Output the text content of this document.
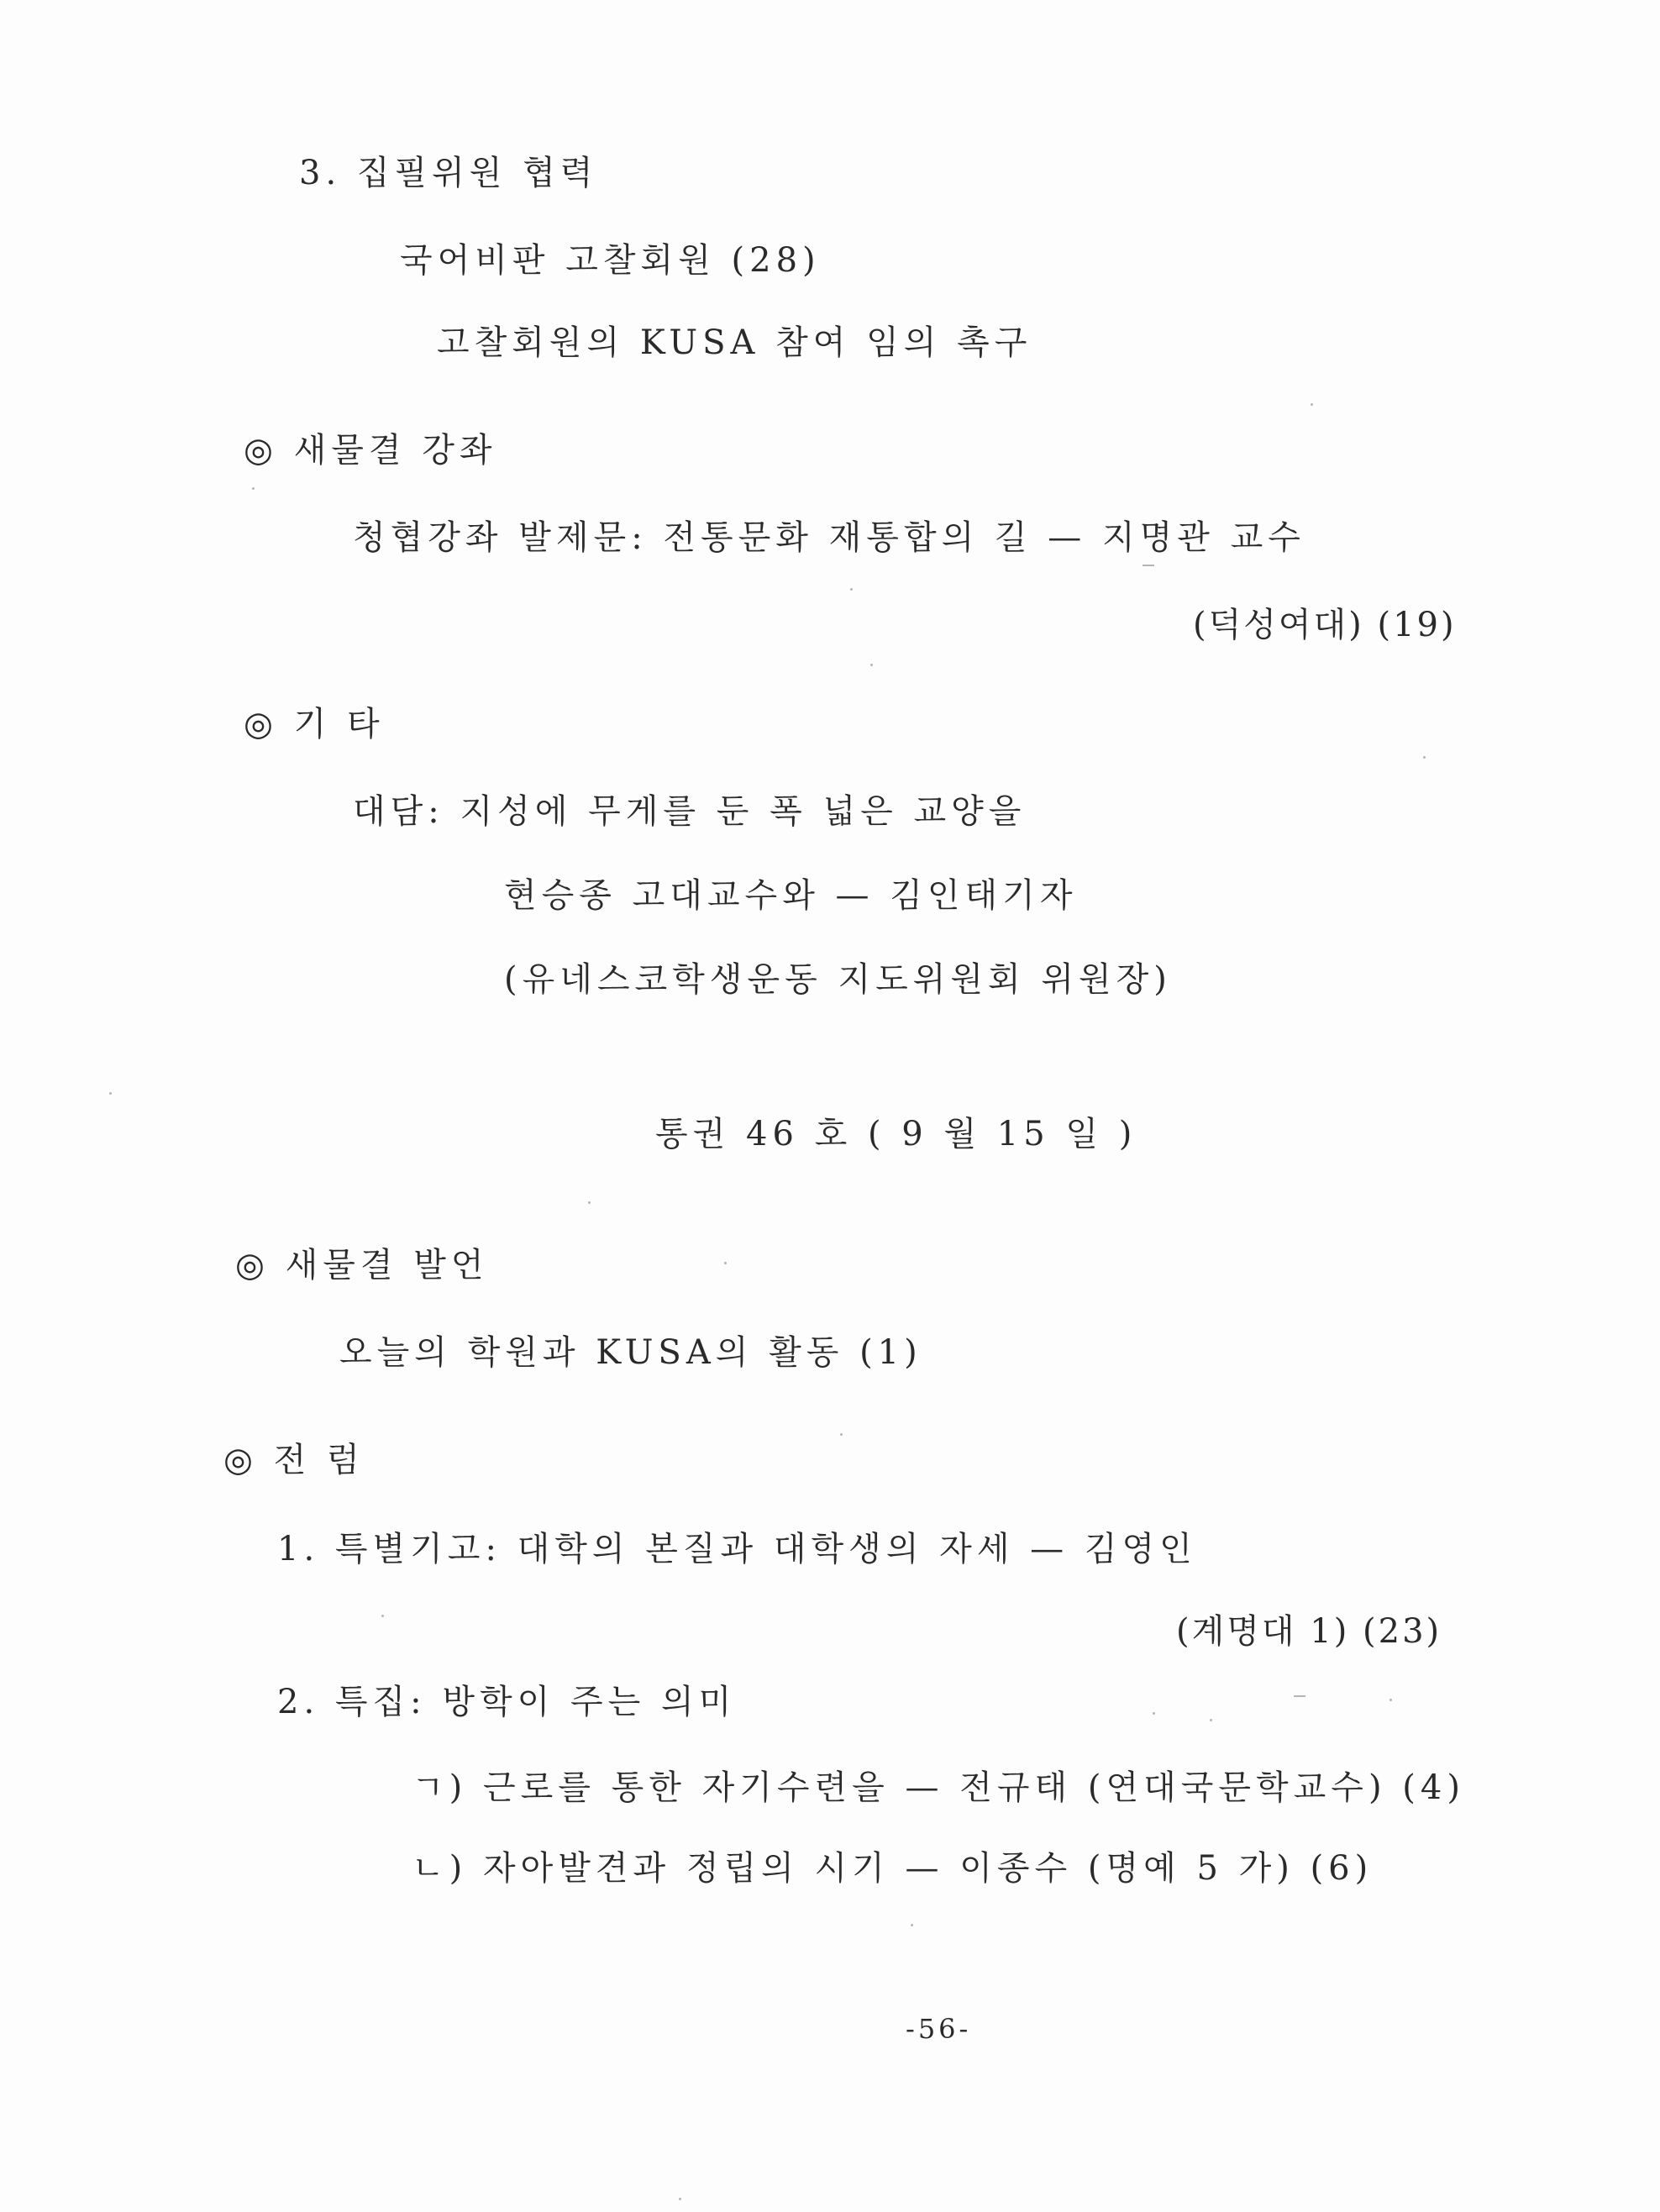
3. 집필위원 협력
국어비판 고찰회원 (28)
고찰회원의 KUSA 참여 임의 촉구
◎ 새물결 강좌
청협강좌 발제문: 전통문화 재통합의 길 — 지명관 교수
(덕성여대) (19)
◎ 기 타
대담: 지성에 무게를 둔 폭 넓은 교양을
현승종 고대교수와 — 김인태기자
(유네스코학생운동 지도위원회 위원장)
통권 46 호 ( 9 월 15 일 )
◎ 새물결 발언
오늘의 학원과 KUSA의 활동 (1)
◎ 전 럼
1. 특별기고: 대학의 본질과 대학생의 자세 — 김영인
(계명대 1) (23)
2. 특집: 방학이 주는 의미
ㄱ) 근로를 통한 자기수련을 — 전규태 (연대국문학교수) (4)
ㄴ) 자아발견과 정립의 시기 — 이종수 (명예 5 가) (6)
-56-
